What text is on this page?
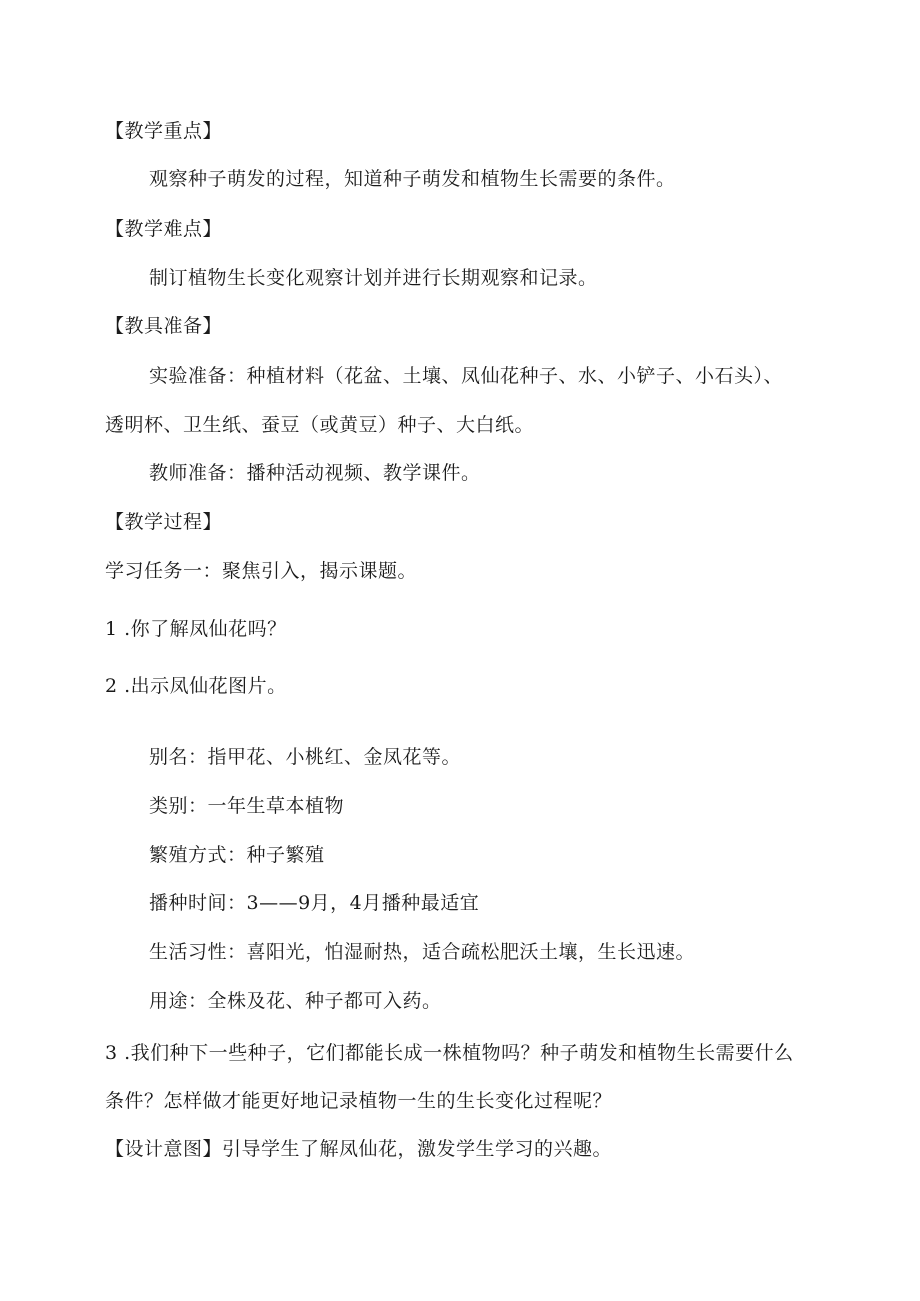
【教学重点】
观察种子萌发的过程，知道种子萌发和植物生长需要的条件。
【教学难点】
制订植物生长变化观察计划并进行长期观察和记录。
【教具准备】
实验准备：种植材料（花盆、土壤、凤仙花种子、水、小铲子、小石头）、
透明杯、卫生纸、蚕豆（或黄豆）种子、大白纸。
教师准备：播种活动视频、教学课件。
【教学过程】
学习任务一：聚焦引入，揭示课题。
1 .你了解凤仙花吗？
2 .出示凤仙花图片。
别名：指甲花、小桃红、金凤花等。
类别：一年生草本植物
繁殖方式：种子繁殖
播种时间：3——9月，4月播种最适宜
生活习性：喜阳光，怕湿耐热，适合疏松肥沃土壤，生长迅速。
用途：全株及花、种子都可入药。
3 .我们种下一些种子，它们都能长成一株植物吗？种子萌发和植物生长需要什么
条件？怎样做才能更好地记录植物一生的生长变化过程呢？
【设计意图】引导学生了解凤仙花，激发学生学习的兴趣。
